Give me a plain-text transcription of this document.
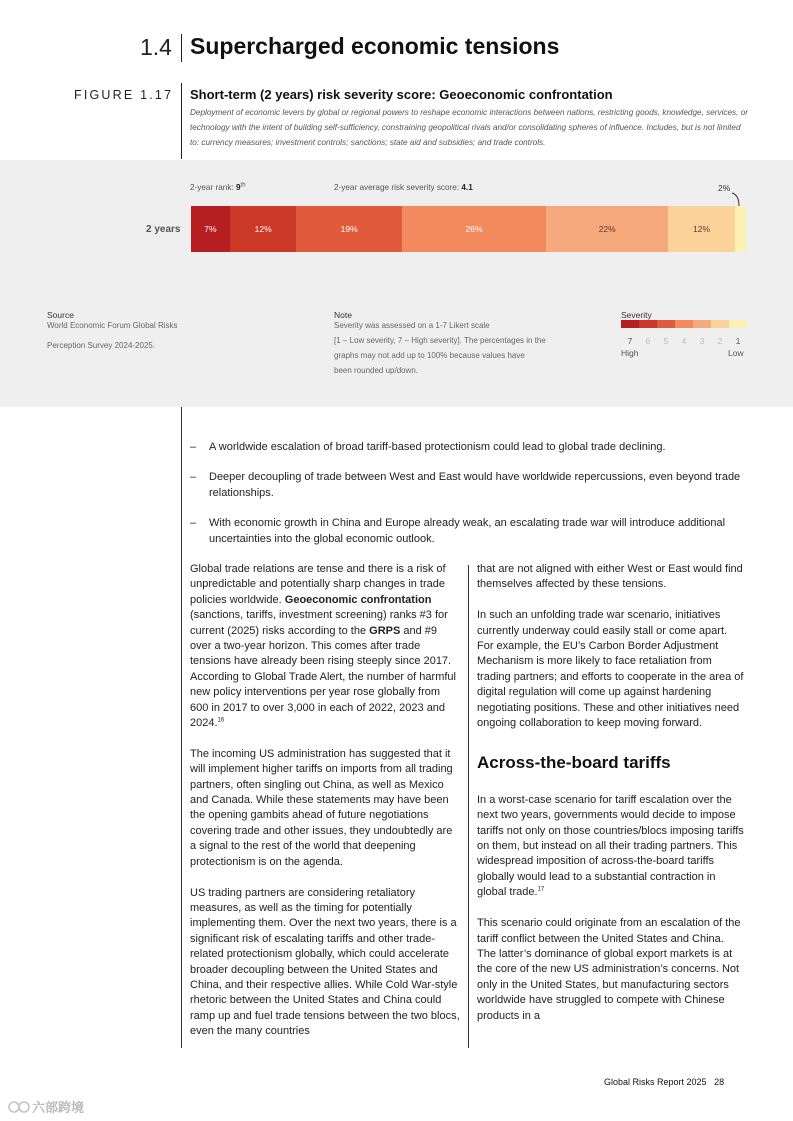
1.4 Supercharged economic tensions
FIGURE 1.17 Short-term (2 years) risk severity score: Geoeconomic confrontation
Deployment of economic levers by global or regional powers to reshape economic interactions between nations, restricting goods, knowledge, services, or technology with the intent of building self-sufficiency, constraining geopolitical rivals and/or consolidating spheres of influence. Includes, but is not limited to: currency measures; investment controls; sanctions; state aid and subsidies; and trade controls.
2-year rank: 9th	2-year average risk severity score: 4.1	2%
2 years	7%	12%	19%	26%	22%	12%
Source
World Economic Forum Global Risks
Perception Survey 2024-2025.
Note
Severity was assessed on a 1-7 Likert scale
[1 – Low severity, 7 – High severity]. The percentages in the
graphs may not add up to 100% because values have
been rounded up/down.
Severity
7	6	5	4	3	2	1
High	Low
– A worldwide escalation of broad tariff-based protectionism could lead to global trade declining.
– Deeper decoupling of trade between West and East would have worldwide repercussions, even beyond trade relationships.
– With economic growth in China and Europe already weak, an escalating trade war will introduce additional uncertainties into the global economic outlook.

Global trade relations are tense and there is a risk of unpredictable and potentially sharp changes in trade policies worldwide. Geoeconomic confrontation (sanctions, tariffs, investment screening) ranks #3 for current (2025) risks according to the GRPS and #9 over a two-year horizon. This comes after trade tensions have already been rising steeply since 2017. According to Global Trade Alert, the number of harmful new policy interventions per year rose globally from 600 in 2017 to over 3,000 in each of 2022, 2023 and 2024.16

The incoming US administration has suggested that it will implement higher tariffs on imports from all trading partners, often singling out China, as well as Mexico and Canada. While these statements may have been the opening gambits ahead of future negotiations covering trade and other issues, they undoubtedly are a signal to the rest of the world that deepening protectionism is on the agenda.

US trading partners are considering retaliatory measures, as well as the timing for potentially implementing them. Over the next two years, there is a significant risk of escalating tariffs and other trade-related protectionism globally, which could accelerate broader decoupling between the United States and China, and their respective allies. While Cold War-style rhetoric between the United States and China could ramp up and fuel trade tensions between the two blocs, even the many countries

that are not aligned with either West or East would find themselves affected by these tensions.

In such an unfolding trade war scenario, initiatives currently underway could easily stall or come apart. For example, the EU’s Carbon Border Adjustment Mechanism is more likely to face retaliation from trading partners; and efforts to cooperate in the area of digital regulation will come up against hardening negotiating positions. These and other initiatives need ongoing collaboration to keep moving forward.

Across-the-board tariffs

In a worst-case scenario for tariff escalation over the next two years, governments would decide to impose tariffs not only on those countries/blocs imposing tariffs on them, but instead on all their trading partners. This widespread imposition of across-the-board tariffs globally would lead to a substantial contraction in global trade.$^{17}$

This scenario could originate from an escalation of the tariff conflict between the United States and China. The latter’s dominance of global export markets is at the core of the new US administration’s concerns. Not only in the United States, but manufacturing sectors worldwide have struggled to compete with Chinese products in a

Global Risks Report 2025 28
六部跨境
